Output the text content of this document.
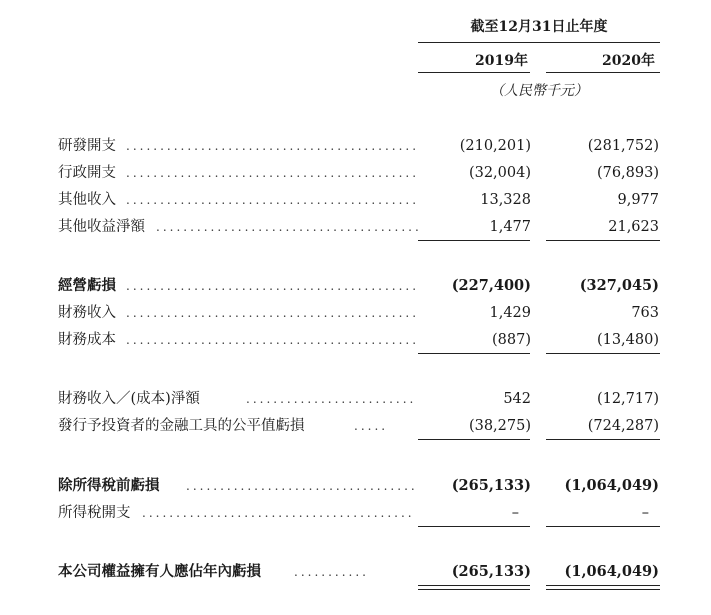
截至12月31日止年度
2019年	2020年
（人民幣千元）
研發開支 ...........................................	(210,201)	(281,752)
行政開支 ...........................................	(32,004)	(76,893)
其他收入 ...........................................	13,328	9,977
其他收益淨額 .......................................	1,477	21,623
經營虧損 ...........................................	(227,400)	(327,045)
財務收入 ...........................................	1,429	763
財務成本 ...........................................	(887)	(13,480)
財務收入／(成本)淨額	.........................	542	(12,717)
發行予投資者的金融工具的公平值虧損	.....	(38,275)	(724,287)
除所得稅前虧損 ..................................	(265,133)	(1,064,049)
所得稅開支 ........................................	–	–
本公司權益擁有人應佔年內虧損	...........	(265,133)	(1,064,049)
